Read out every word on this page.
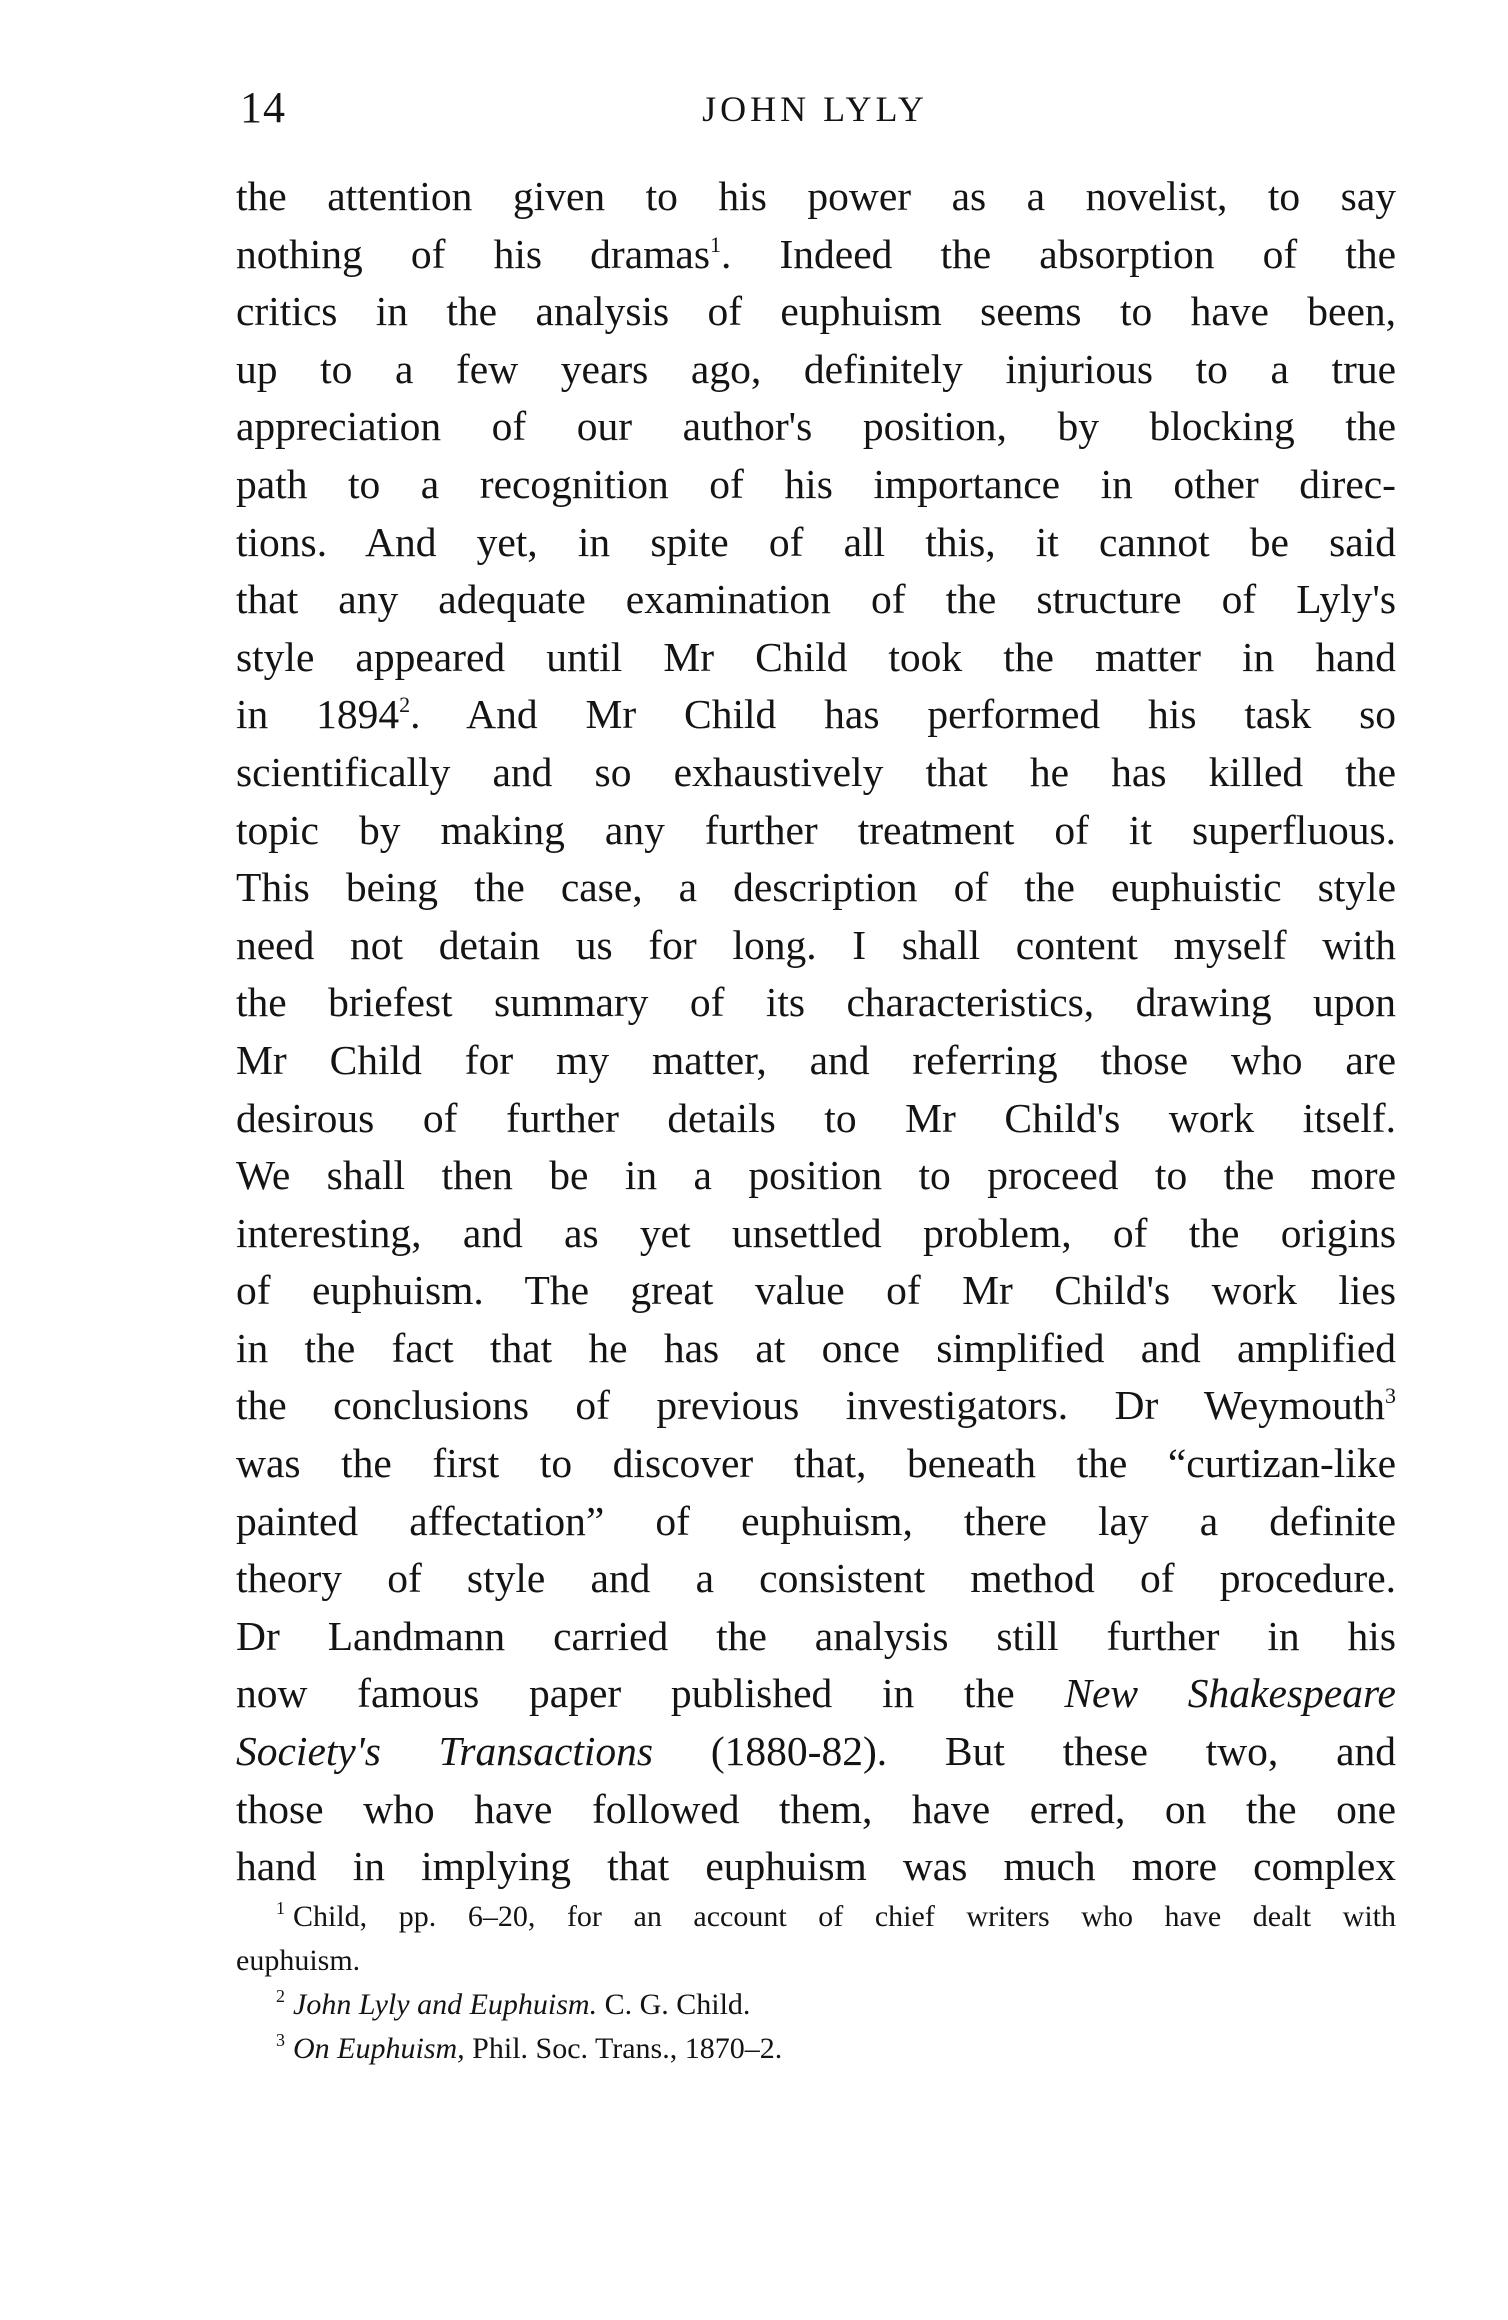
14	JOHN LYLY
the attention given to his power as a novelist, to say
nothing of his dramas$^1$. Indeed the absorption of the
critics in the analysis of euphuism seems to have been,
up to a few years ago, definitely injurious to a true
appreciation of our author's position, by blocking the
path to a recognition of his importance in other direc-
tions. And yet, in spite of all this, it cannot be said
that any adequate examination of the structure of Lyly's
style appeared until Mr Child took the matter in hand
in 1894$^2$. And Mr Child has performed his task so
scientifically and so exhaustively that he has killed the
topic by making any further treatment of it superfluous.
This being the case, a description of the euphuistic style
need not detain us for long. I shall content myself with
the briefest summary of its characteristics, drawing upon
Mr Child for my matter, and referring those who are
desirous of further details to Mr Child's work itself.
We shall then be in a position to proceed to the more
interesting, and as yet unsettled problem, of the origins
of euphuism. The great value of Mr Child's work lies
in the fact that he has at once simplified and amplified
the conclusions of previous investigators. Dr Weymouth$^3$
was the first to discover that, beneath the “curtizan-like
painted affectation” of euphuism, there lay a definite
theory of style and a consistent method of procedure.
Dr Landmann carried the analysis still further in his
now famous paper published in the New Shakespeare
Society's Transactions (1880-82). But these two, and
those who have followed them, have erred, on the one
hand in implying that euphuism was much more complex
$^1$ Child, pp. 6–20, for an account of chief writers who have dealt with
euphuism.
$^2$ John Lyly and Euphuism. C. G. Child.
$^3$ On Euphuism, Phil. Soc. Trans., 1870–2.
